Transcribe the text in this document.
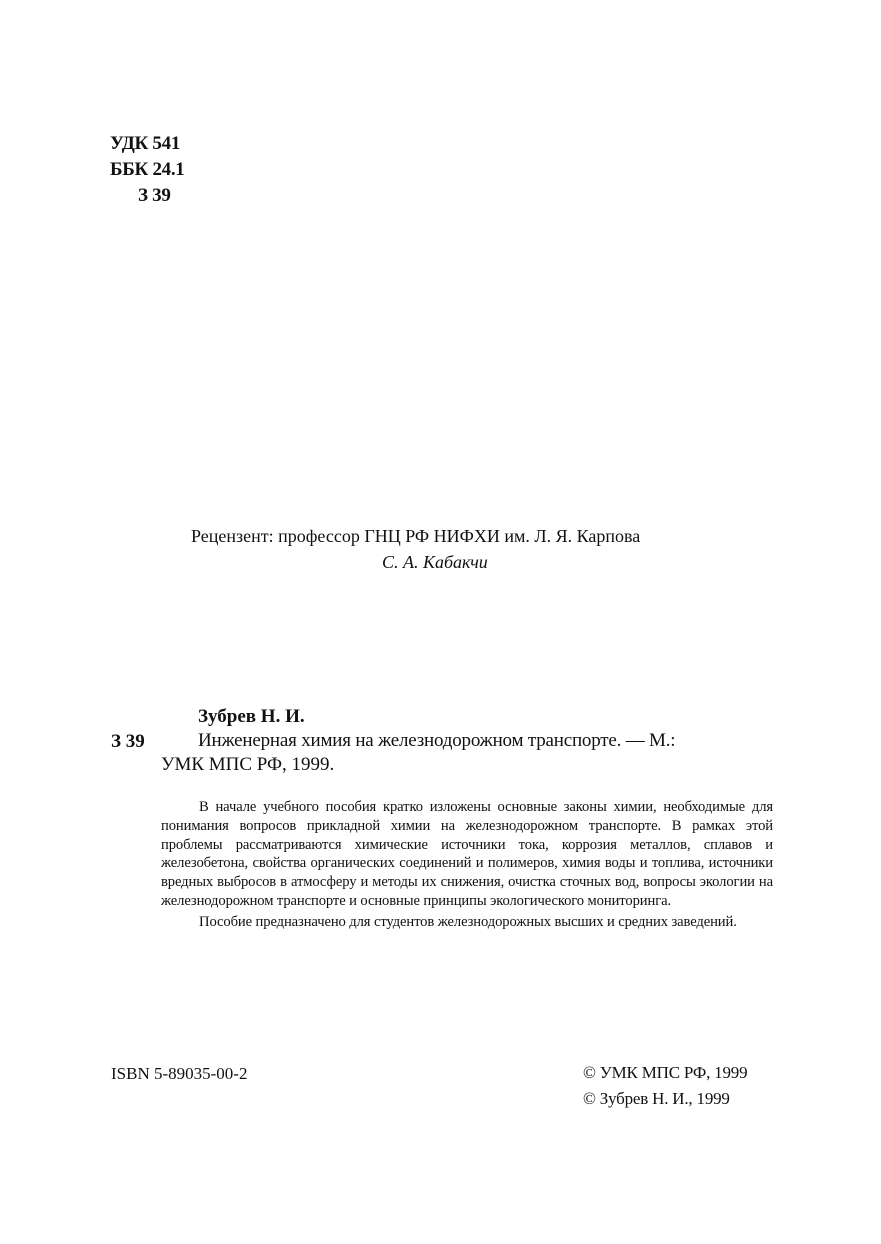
УДК 541
ББК 24.1
З 39
Рецензент: профессор ГНЦ РФ НИФХИ им. Л. Я. Карпова
С. А. Кабакчи
Зубрев Н. И.
З 39	Инженерная химия на железнодорожном транспорте. — М.:
УМК МПС РФ, 1999.

В начале учебного пособия кратко изложены основные законы химии, необходимые для понимания вопросов прикладной химии на железнодорожном транспорте. В рамках этой проблемы рассматриваются химические источники тока, коррозия металлов, сплавов и железобетона, свойства органических соединений и полимеров, химия воды и топлива, источники вредных выбросов в атмосферу и методы их снижения, очистка сточных вод, вопросы экологии на железнодорожном транспорте и основные принципы экологического мониторинга.

Пособие предназначено для студентов железнодорожных высших и средних заведений.

ISBN 5-89035-00-2	© УМК МПС РФ, 1999
© Зубрев Н. И., 1999
